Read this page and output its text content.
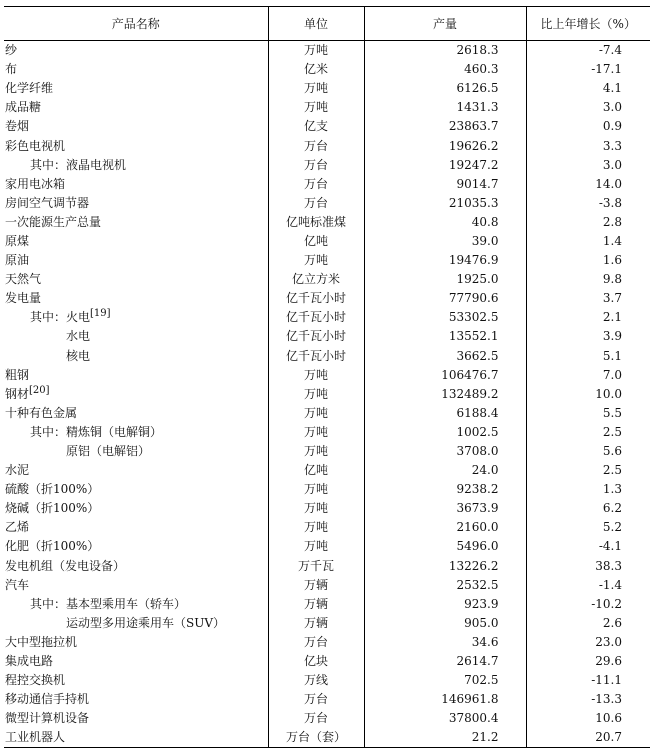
产品名称	单位	产量	比上年增长（%）
纱	万吨	2618.3	-7.4
布	亿米	460.3	-17.1
化学纤维	万吨	6126.5	4.1
成品糖	万吨	1431.3	3.0
卷烟	亿支	23863.7	0.9
彩色电视机	万台	19626.2	3.3
其中：液晶电视机	万台	19247.2	3.0
家用电冰箱	万台	9014.7	14.0
房间空气调节器	万台	21035.3	-3.8
一次能源生产总量	亿吨标准煤	40.8	2.8
原煤	亿吨	39.0	1.4
原油	万吨	19476.9	1.6
天然气	亿立方米	1925.0	9.8
发电量	亿千瓦小时	77790.6	3.7
其中：火电[19]	亿千瓦小时	53302.5	2.1
水电	亿千瓦小时	13552.1	3.9
核电	亿千瓦小时	3662.5	5.1
粗钢	万吨	106476.7	7.0
钢材[20]	万吨	132489.2	10.0
十种有色金属	万吨	6188.4	5.5
其中：精炼铜（电解铜）	万吨	1002.5	2.5
原铝（电解铝）	万吨	3708.0	5.6
水泥	亿吨	24.0	2.5
硫酸（折100%）	万吨	9238.2	1.3
烧碱（折100%）	万吨	3673.9	6.2
乙烯	万吨	2160.0	5.2
化肥（折100%）	万吨	5496.0	-4.1
发电机组（发电设备）	万千瓦	13226.2	38.3
汽车	万辆	2532.5	-1.4
其中：基本型乘用车（轿车）	万辆	923.9	-10.2
运动型多用途乘用车（SUV）	万辆	905.0	2.6
大中型拖拉机	万台	34.6	23.0
集成电路	亿块	2614.7	29.6
程控交换机	万线	702.5	-11.1
移动通信手持机	万台	146961.8	-13.3
微型计算机设备	万台	37800.4	10.6
工业机器人	万台（套）	21.2	20.7
